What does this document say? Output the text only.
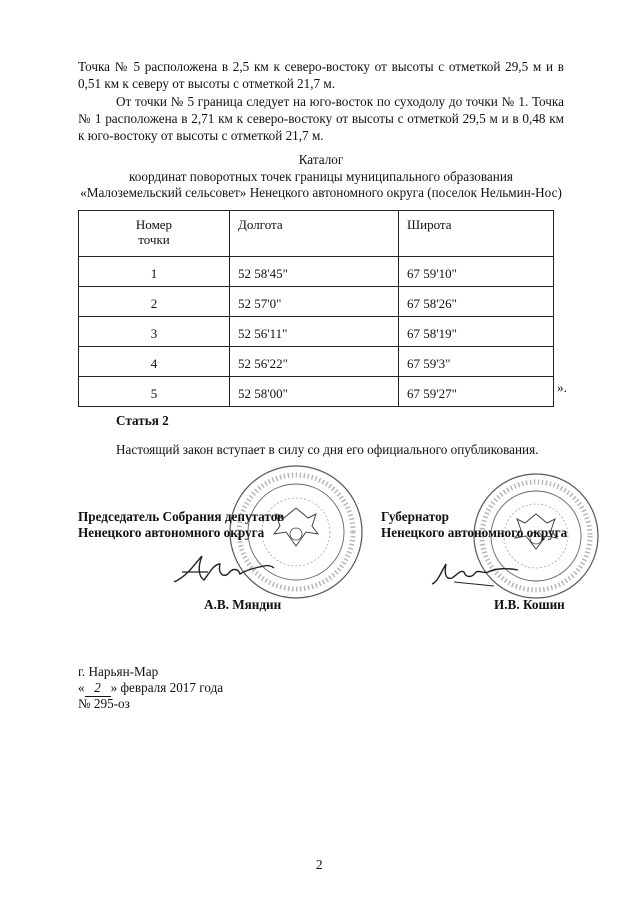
Точка № 5 расположена в 2,5 км к северо-востоку от высоты с отметкой 29,5 м и в 0,51 км к северу от высоты с отметкой 21,7 м.
От точки № 5 граница следует на юго-восток по суходолу до точки № 1. Точка № 1 расположена в 2,71 км к северо-востоку от высоты с отметкой 29,5 м и в 0,48 км к юго-востоку от высоты с отметкой 21,7 м.
Каталог
координат поворотных точек границы муниципального образования
«Малоземельский сельсовет» Ненецкого автономного округа (поселок Нельмин-Нос)
Номер точки	Долгота	Широта
1	52 58'45"	67 59'10"
2	52 57'0"	67 58'26"
3	52 56'11"	67 58'19"
4	52 56'22"	67 59'3"
5	52 58'00"	67 59'27"	».
Статья 2
Настоящий закон вступает в силу со дня его официального опубликования.
Председатель Собрания депутатов
Ненецкого автономного округа
Губернатор
Ненецкого автономного округа
А.В. Мяндин	И.В. Кошин
г. Нарьян-Мар
« 2 » февраля 2017 года
№ 295-оз
2
